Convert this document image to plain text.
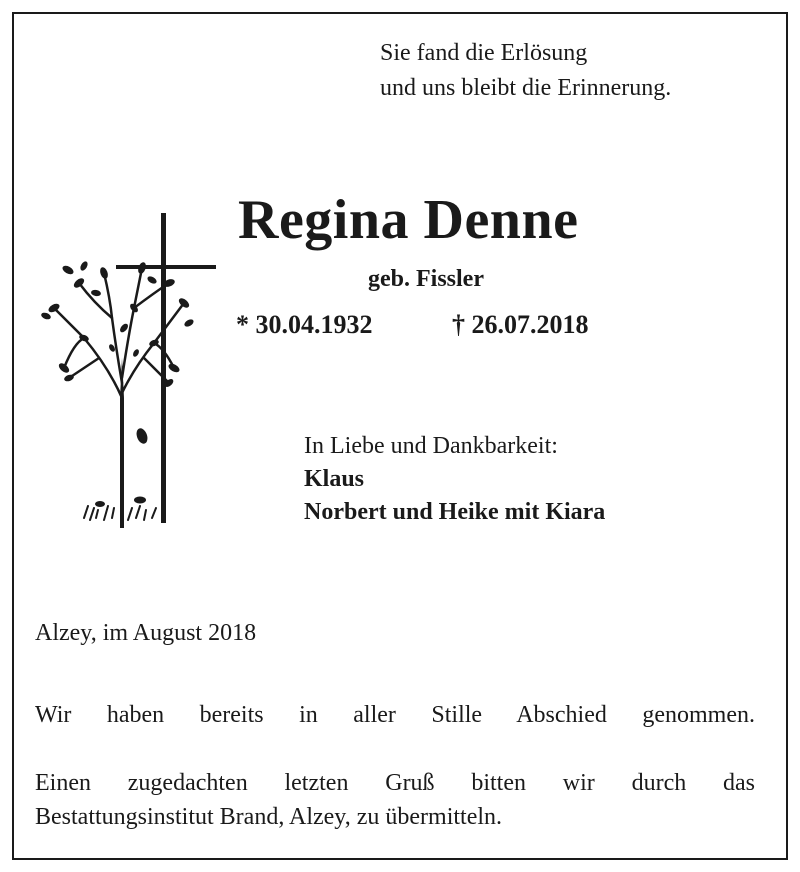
Sie fand die Erlösung
und uns bleibt die Erinnerung.
Regina Denne
geb. Fissler
* 30.04.1932	† 26.07.2018
In Liebe und Dankbarkeit:
Klaus
Norbert und Heike mit Kiara
Alzey, im August 2018
Wir haben bereits in aller Stille Abschied genommen.
Einen zugedachten letzten Gruß bitten wir durch das
Bestattungsinstitut Brand, Alzey, zu übermitteln.
